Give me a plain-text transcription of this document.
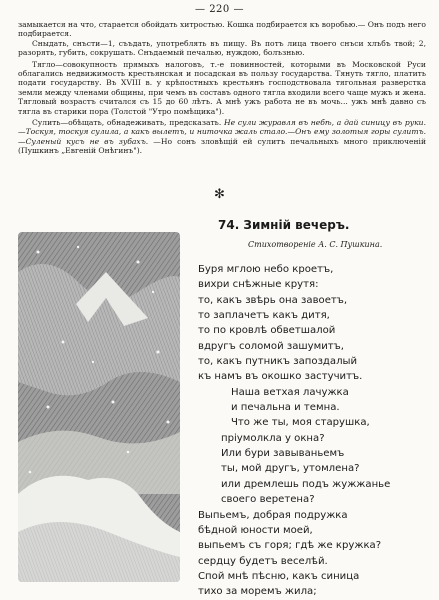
— 220 —

замыкается на что, старается обойдать хитростью. Кошка подбирается къ воробью.— Онъ подъ него подбирается.

Сныдать, снъсти—1, съъдать, употреблять въ пищу. Въ потъ лица твоего снъси хлъбъ твой; 2, разорять, губить, сокрушать. Снъдаемый печалью, нуждою, болъзнью.

Тягло—совокупность прямыхъ налоговъ, т.-е повинностей, которыми въ Московской Руси облагались недвижимость крестьянская и посадская въ пользу государства. Тянуть тягло, платить подати государству. Въ XVIII в. у крѣпостныхъ крестьянъ господствовала тягольная разверстка земли между членами общины, при чемъ въ составъ одного тягла входили всего чаще мужъ и жена. Тягловый возрастъ считался съ 15 до 60 лѣтъ. А мнѣ ужъ работа не въ мочь... ужъ мнѣ давно съ тягла въ старики пора (Толстой "Утро помѣщика").

Сулить—обѣщать, обнадеживать, предсказать. Не сули журавля въ небѣ, а дай синицу въ руки.—Тоскуя, тоскуя сулила, а какъ вылетъ, и ниточка жаль стало.—Онъ ему золотыя горы сулитъ.—Суленый кусъ не въ зубахъ. —Но сонъ зловѣщій ей сулитъ печальныхъ много приключеній (Пушкинъ „Евгеній Онѣгинъ").

✻
74. Зимній вечеръ.
Стихотвореніе А. С. Пушкина.
Буря мглою небо кроетъ,
вихри снѣжные крутя:
то, какъ звѣрь она завоетъ,
то заплачетъ какъ дитя,
то по кровлѣ обветшалой
вдругъ соломой зашумитъ,
то, какъ путникъ запоздалый
къ намъ въ окошко застучитъ.
Наша ветхая лачужка
и печальна и темна.
Что же ты, моя старушка,
пріумолкла у окна?
Или бури завываньемъ
ты, мой другъ, утомлена?
или дремлешь подъ жужжанье
своего веретена?
Выпьемъ, добрая подружка
бѣдной юности моей,
выпьемъ съ горя; гдѣ же кружка?
сердцу будетъ веселѣй.
Спой мнѣ пѣсню, какъ синица
тихо за моремъ жила;
